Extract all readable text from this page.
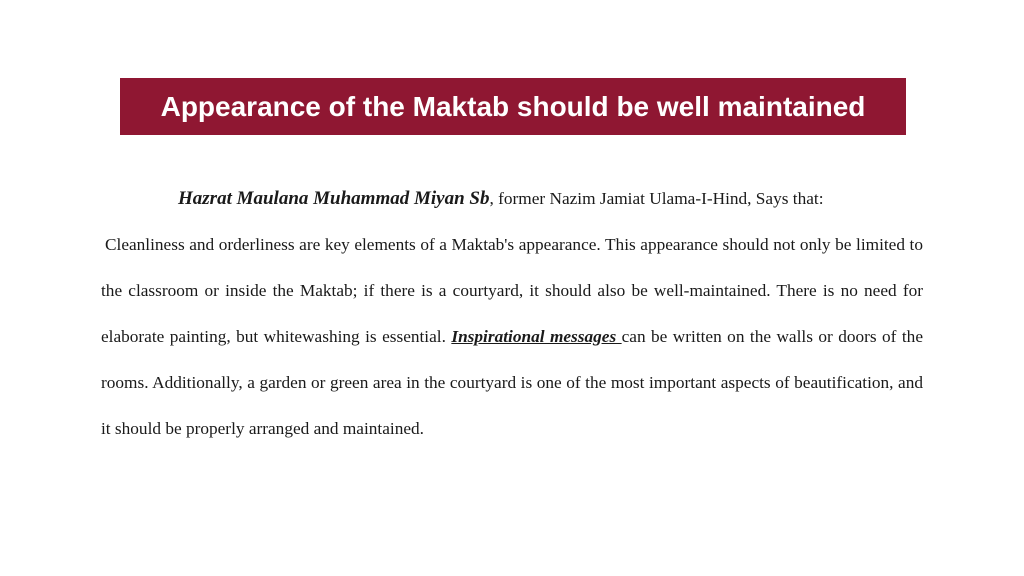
Appearance of the Maktab should be well maintained
Hazrat Maulana Muhammad Miyan Sb, former Nazim Jamiat Ulama-I-Hind, Says that:
Cleanliness and orderliness are key elements of a Maktab's appearance. This appearance should not only be limited to the classroom or inside the Maktab; if there is a courtyard, it should also be well-maintained. There is no need for elaborate painting, but whitewashing is essential. Inspirational messages can be written on the walls or doors of the rooms. Additionally, a garden or green area in the courtyard is one of the most important aspects of beautification, and it should be properly arranged and maintained.
